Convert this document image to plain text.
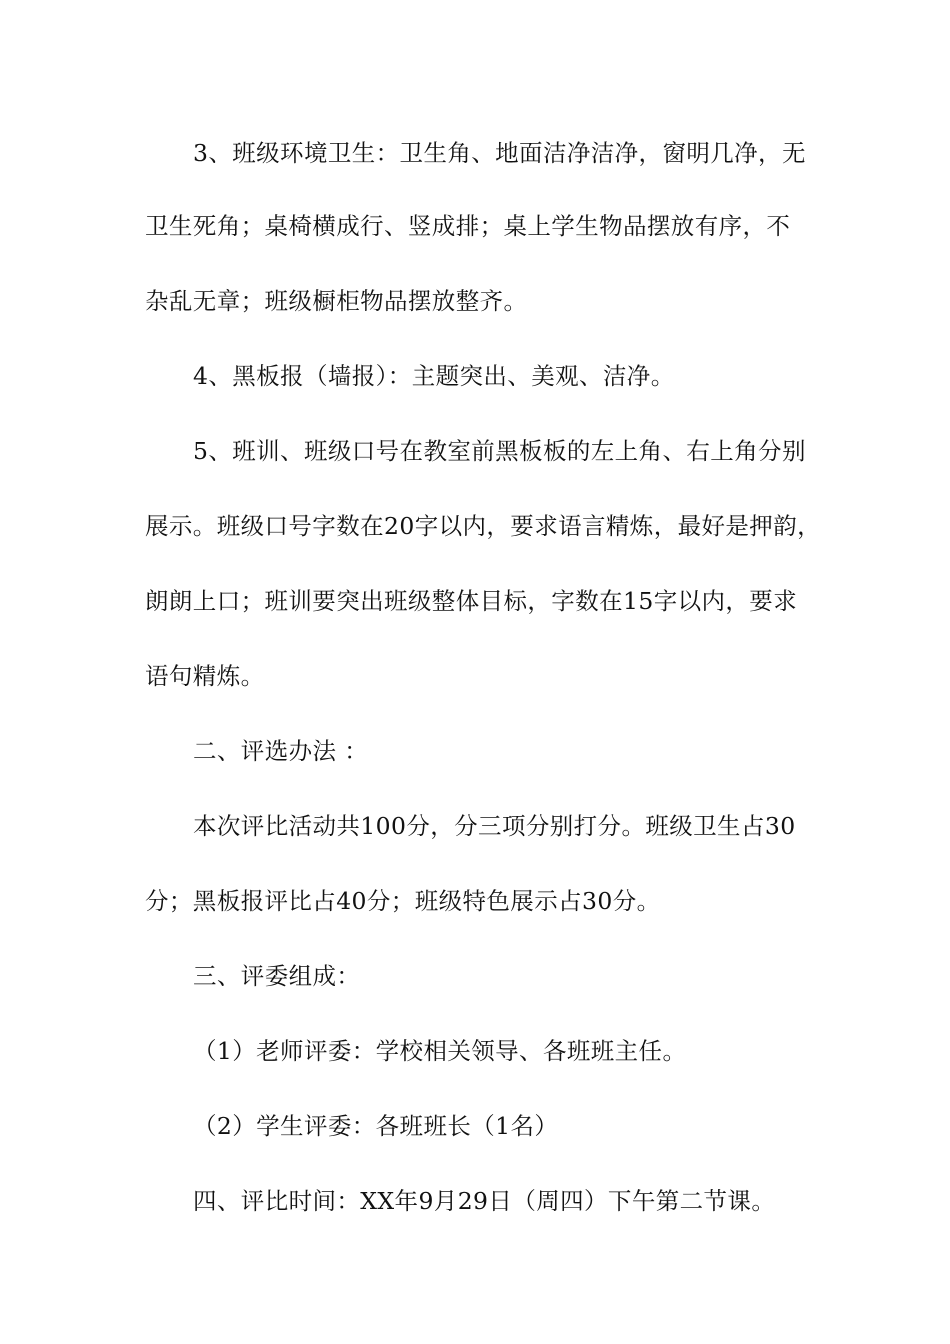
3、班级环境卫生：卫生角、地面洁净洁净，窗明几净，无
卫生死角；桌椅横成行、竖成排；桌上学生物品摆放有序，不
杂乱无章；班级橱柜物品摆放整齐。
4、黑板报（墙报）：主题突出、美观、洁净。
5、班训、班级口号在教室前黑板板的左上角、右上角分别
展示。班级口号字数在20字以内，要求语言精炼，最好是押韵，
朗朗上口；班训要突出班级整体目标，字数在15字以内，要求
语句精炼。
二、评选办法 ：
本次评比活动共100分，分三项分别打分。班级卫生占30
分；黑板报评比占40分；班级特色展示占30分。
三、评委组成：
（1）老师评委：学校相关领导、各班班主任。
（2）学生评委：各班班长（1名）
四、评比时间：XX年9月29日（周四）下午第二节课。
